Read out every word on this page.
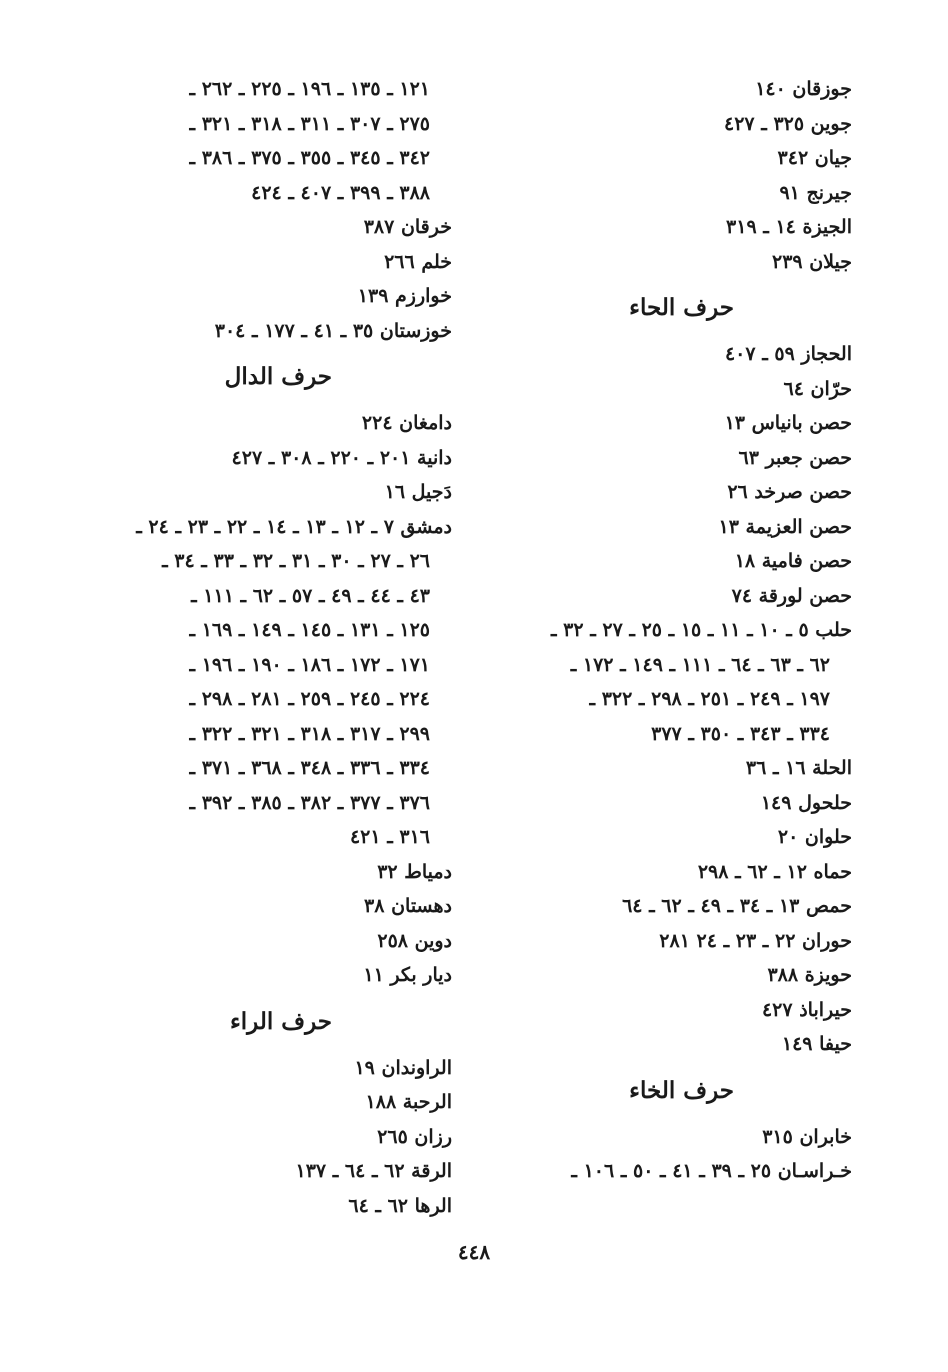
جوزقان ١٤٠
جوين ٣٢٥ ـ ٤٢٧
جيان ٣٤٢
جيرنج ٩١
الجيزة ١٤ ـ ٣١٩
جيلان ٢٣٩
حرف الحاء
الحجاز ٥٩ ـ ٤٠٧
حرّان ٦٤
حصن بانياس ١٣
حصن جعبر ٦٣
حصن صرخد ٢٦
حصن العزيمة ١٣
حصن فامية ١٨
حصن لورقة ٧٤
حلب ٥ ـ ١٠ ـ ١١ ـ ١٥ ـ ٢٥ ـ ٢٧ ـ ٣٢ ـ
٦٢ ـ ٦٣ ـ ٦٤ ـ ١١١ ـ ١٤٩ ـ ١٧٢ ـ
١٩٧ ـ ٢٤٩ ـ ٢٥١ ـ ٢٩٨ ـ ٣٢٢ ـ
٣٣٤ ـ ٣٤٣ ـ ٣٥٠ ـ ٣٧٧
الحلة ١٦ ـ ٣٦
حلحول ١٤٩
حلوان ٢٠
حماه ١٢ ـ ٦٢ ـ ٢٩٨
حمص ١٣ ـ ٣٤ ـ ٤٩ ـ ٦٢ ـ ٦٤
حوران ٢٢ ـ ٢٣ ـ ٢٤ ٢٨١
حويزة ٣٨٨
حيراباذ ٤٢٧
حيفا ١٤٩
حرف الخاء
خابران ٣١٥
خـراسـان ٢٥ ـ ٣٩ ـ ٤١ ـ ٥٠ ـ ١٠٦ ـ
١٢١ ـ ١٣٥ ـ ١٩٦ ـ ٢٢٥ ـ ٢٦٢ ـ
٢٧٥ ـ ٣٠٧ ـ ٣١١ ـ ٣١٨ ـ ٣٢١ ـ
٣٤٢ ـ ٣٤٥ ـ ٣٥٥ ـ ٣٧٥ ـ ٣٨٦ ـ
٣٨٨ ـ ٣٩٩ ـ ٤٠٧ ـ ٤٢٤
خرقان ٣٨٧
خلم ٢٦٦
خوارزم ١٣٩
خوزستان ٣٥ ـ ٤١ ـ ١٧٧ ـ ٣٠٤
حرف الدال
دامغان ٢٢٤
دانية ٢٠١ ـ ٢٢٠ ـ ٣٠٨ ـ ٤٢٧
دَجيل ١٦
دمشق ٧ ـ ١٢ ـ ١٣ ـ ١٤ ـ ٢٢ ـ ٢٣ ـ ٢٤ ـ
٢٦ ـ ٢٧ ـ ٣٠ ـ ٣١ ـ ٣٢ ـ ٣٣ ـ ٣٤ ـ
٤٣ ـ ٤٤ ـ ٤٩ ـ ٥٧ ـ ٦٢ ـ ١١١ ـ
١٢٥ ـ ١٣١ ـ ١٤٥ ـ ١٤٩ ـ ١٦٩ ـ
١٧١ ـ ١٧٢ ـ ١٨٦ ـ ١٩٠ ـ ١٩٦ ـ
٢٢٤ ـ ٢٤٥ ـ ٢٥٩ ـ ٢٨١ ـ ٢٩٨ ـ
٢٩٩ ـ ٣١٧ ـ ٣١٨ ـ ٣٢١ ـ ٣٢٢ ـ
٣٣٤ ـ ٣٣٦ ـ ٣٤٨ ـ ٣٦٨ ـ ٣٧١ ـ
٣٧٦ ـ ٣٧٧ ـ ٣٨٢ ـ ٣٨٥ ـ ٣٩٢ ـ
٣١٦ ـ ٤٢١
دمياط ٣٢
دهستان ٣٨
دوين ٢٥٨
ديار بكر ١١
حرف الراء
الراوندان ١٩
الرحبة ١٨٨
رزان ٢٦٥
الرقة ٦٢ ـ ٦٤ ـ ١٣٧
الرها ٦٢ ـ ٦٤
٤٤٨
